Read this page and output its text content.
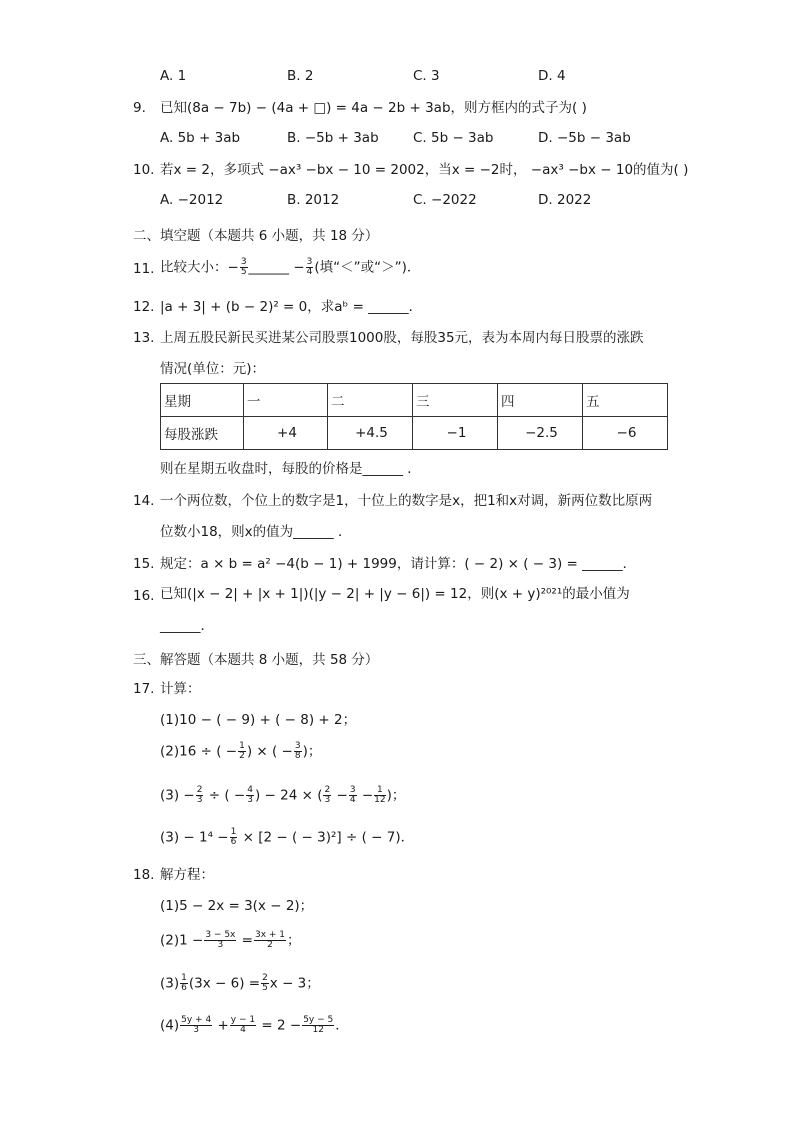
A. 1	B. 2	C. 3	D. 4
9. 已知(8a − 7b) − (4a + □) = 4a − 2b + 3ab，则方框内的式子为( )
A. 5b + 3ab	B. −5b + 3ab	C. 5b − 3ab	D. −5b − 3ab
10. 若x = 2，多项式 −ax³ −bx − 10 = 2002，当x = −2时， −ax³ −bx − 10的值为( )
A. −2012	B. 2012	C. −2022	D. 2022
二、填空题（本题共 6 小题，共 18 分）
11. 比较大小：− $\frac{3}{5}$ ______ − $\frac{3}{4}$ (填“＜”或“＞”)．
12. |a + 3| + (b − 2)² = 0，求aᵇ = ______．
13. 上周五股民新民买进某公司股票1000股，每股35元，表为本周内每日股票的涨跌
情况(单位：元)：
星期	一	二	三	四	五
每股涨跌	+4	+4.5	−1	−2.5	−6
则在星期五收盘时，每股的价格是______ ．
14. 一个两位数，个位上的数字是1，十位上的数字是x，把1和x对调，新两位数比原两
位数小18，则x的值为______ ．
15. 规定：a × b = a² −4(b − 1) + 1999，请计算：( − 2) × ( − 3) = ______．
16. 已知(|x − 2| + |x + 1|)(|y − 2| + |y − 6|) = 12，则(x + y)²⁰²¹的最小值为
______．
三、解答题（本题共 8 小题，共 58 分）
17. 计算：
(1)10 − ( − 9) + ( − 8) + 2；
(2)16 ÷ ( − $\frac{1}{2}$ ) × ( − $\frac{3}{8}$ )；
$(3) - \frac{2}{3}$ ÷ ( − $\frac{4}{3}$ ) − 24 × ( $\frac{2}{3} - \frac{3}{4} - \frac{1}{12}$ )；
$(3) - 1^4 - \frac{1}{6} \times [2$ − ( − 3)²] ÷ ( − 7)．
18. 解方程：
(1)5 − 2x = 3(x − 2)；
$(2)1 - \frac{3 - 5x}{3} = \frac{3x + 1}{2}$ ；
$(3) \frac{1}{6} (3x - 6) = \frac{2}{5}$ x − 3；
$(4) \frac{5y + 4}{3} + \frac{y - 1}{4} = 2 - \frac{5y - 5}{12}$ ．
